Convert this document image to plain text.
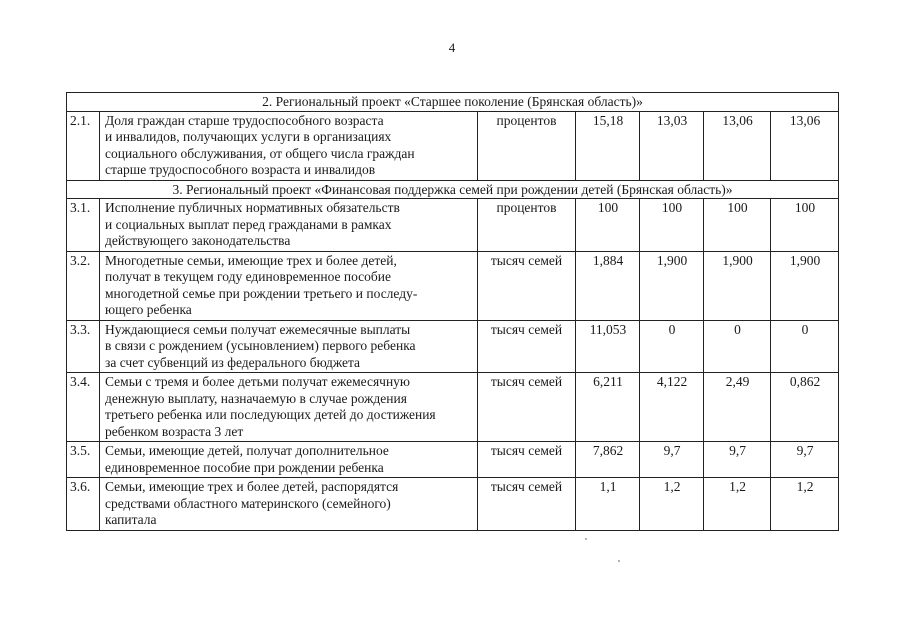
4
2. Региональный проект «Старшее поколение (Брянская область)»						
2.1.	Доля граждан старше трудоспособного возраста
и инвалидов, получающих услуги в организациях
социального обслуживания, от общего числа граждан
старше трудоспособного возраста и инвалидов	процентов	15,18	13,03	13,06	13,06
3. Региональный проект «Финансовая поддержка семей при рождении детей (Брянская область)»						
3.1.	Исполнение публичных нормативных обязательств
и социальных выплат перед гражданами в рамках
действующего законодательства	процентов	100	100	100	100
3.2.	Многодетные семьи, имеющие трех и более детей,
получат в текущем году единовременное пособие
многодетной семье при рождении третьего и последу-
ющего ребенка	тысяч семей	1,884	1,900	1,900	1,900
3.3.	Нуждающиеся семьи получат ежемесячные выплаты
в связи с рождением (усыновлением) первого ребенка
за счет субвенций из федерального бюджета	тысяч семей	11,053	0	0	0
3.4.	Семьи с тремя и более детьми получат ежемесячную
денежную выплату, назначаемую в случае рождения
третьего ребенка или последующих детей до достижения
ребенком возраста 3 лет	тысяч семей	6,211	4,122	2,49	0,862
3.5.	Семьи, имеющие детей, получат дополнительное
единовременное пособие при рождении ребенка	тысяч семей	7,862	9,7	9,7	9,7
3.6.	Семьи, имеющие трех и более детей, распорядятся
средствами областного материнского (семейного)
капитала	тысяч семей	1,1	1,2	1,2	1,2
